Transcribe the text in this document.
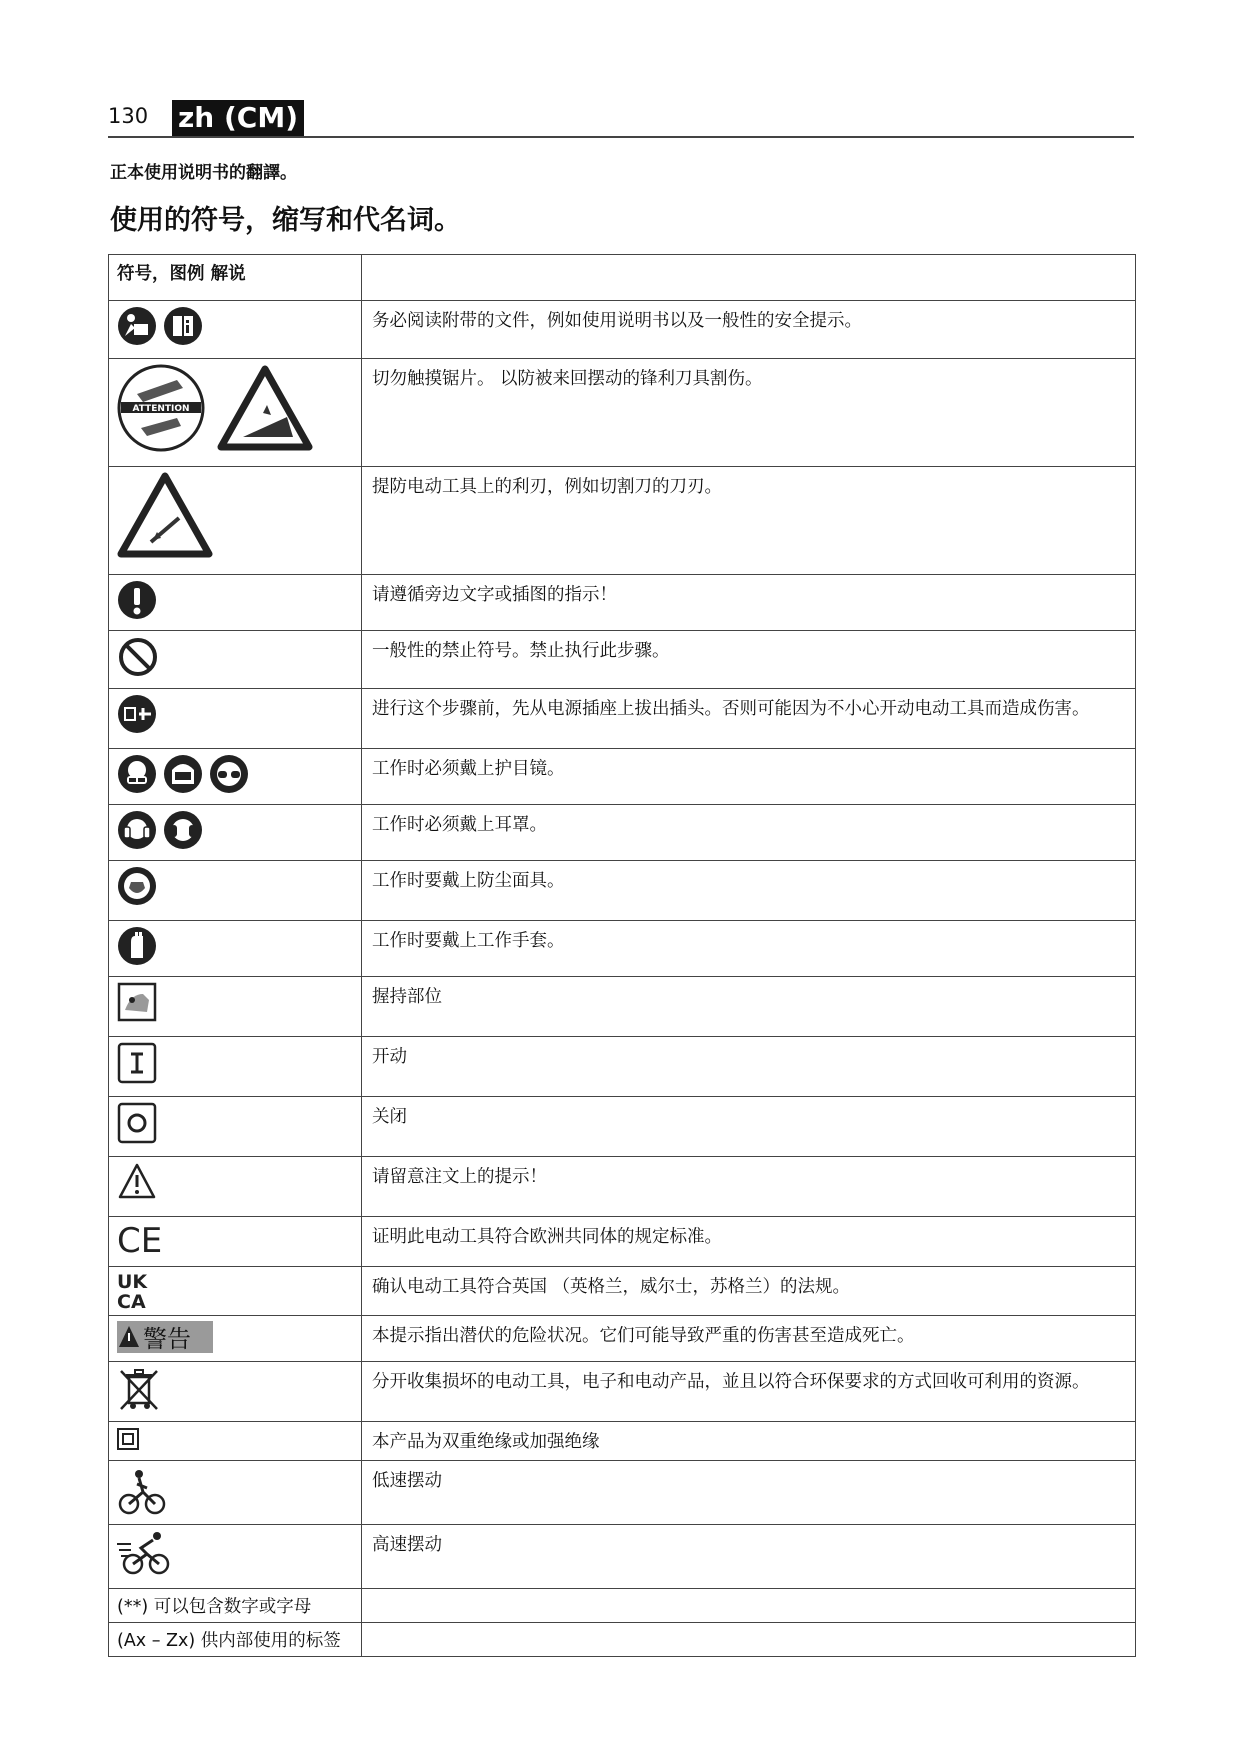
130 zh (CM)
正本使用说明书的翻譯。
使用的符号，缩写和代名词。
符号，图例 解说	

	务必阅读附带的文件，例如使用说明书以及一般性的安全提示。

ATTENTION	切勿触摸锯片。 以防被来回摆动的锋利刀具割伤。

	提防电动工具上的利刃，例如切割刀的刀刃。

	请遵循旁边文字或插图的指示！

	一般性的禁止符号。禁止执行此步骤。

	进行这个步骤前，先从电源插座上拔出插头。否则可能因为不小心开动电动工具而造成伤害。

	工作时必须戴上护目镜。

	工作时必须戴上耳罩。

	工作时要戴上防尘面具。

	工作时要戴上工作手套。

	握持部位

	开动

	关闭

	请留意注文上的提示！

CE	证明此电动工具符合欧洲共同体的规定标准。

UK
CA	确认电动工具符合英国 （英格兰，威尔士，苏格兰）的法规。

警告	本提示指出潜伏的危险状况。它们可能导致严重的伤害甚至造成死亡。

	分开收集损坏的电动工具，电子和电动产品，並且以符合环保要求的方式回收可利用的资源。

	本产品为双重绝缘或加强绝缘

	低速摆动

	高速摆动
(**) 可以包含数字或字母	
(Ax – Zx) 供内部使用的标签	
